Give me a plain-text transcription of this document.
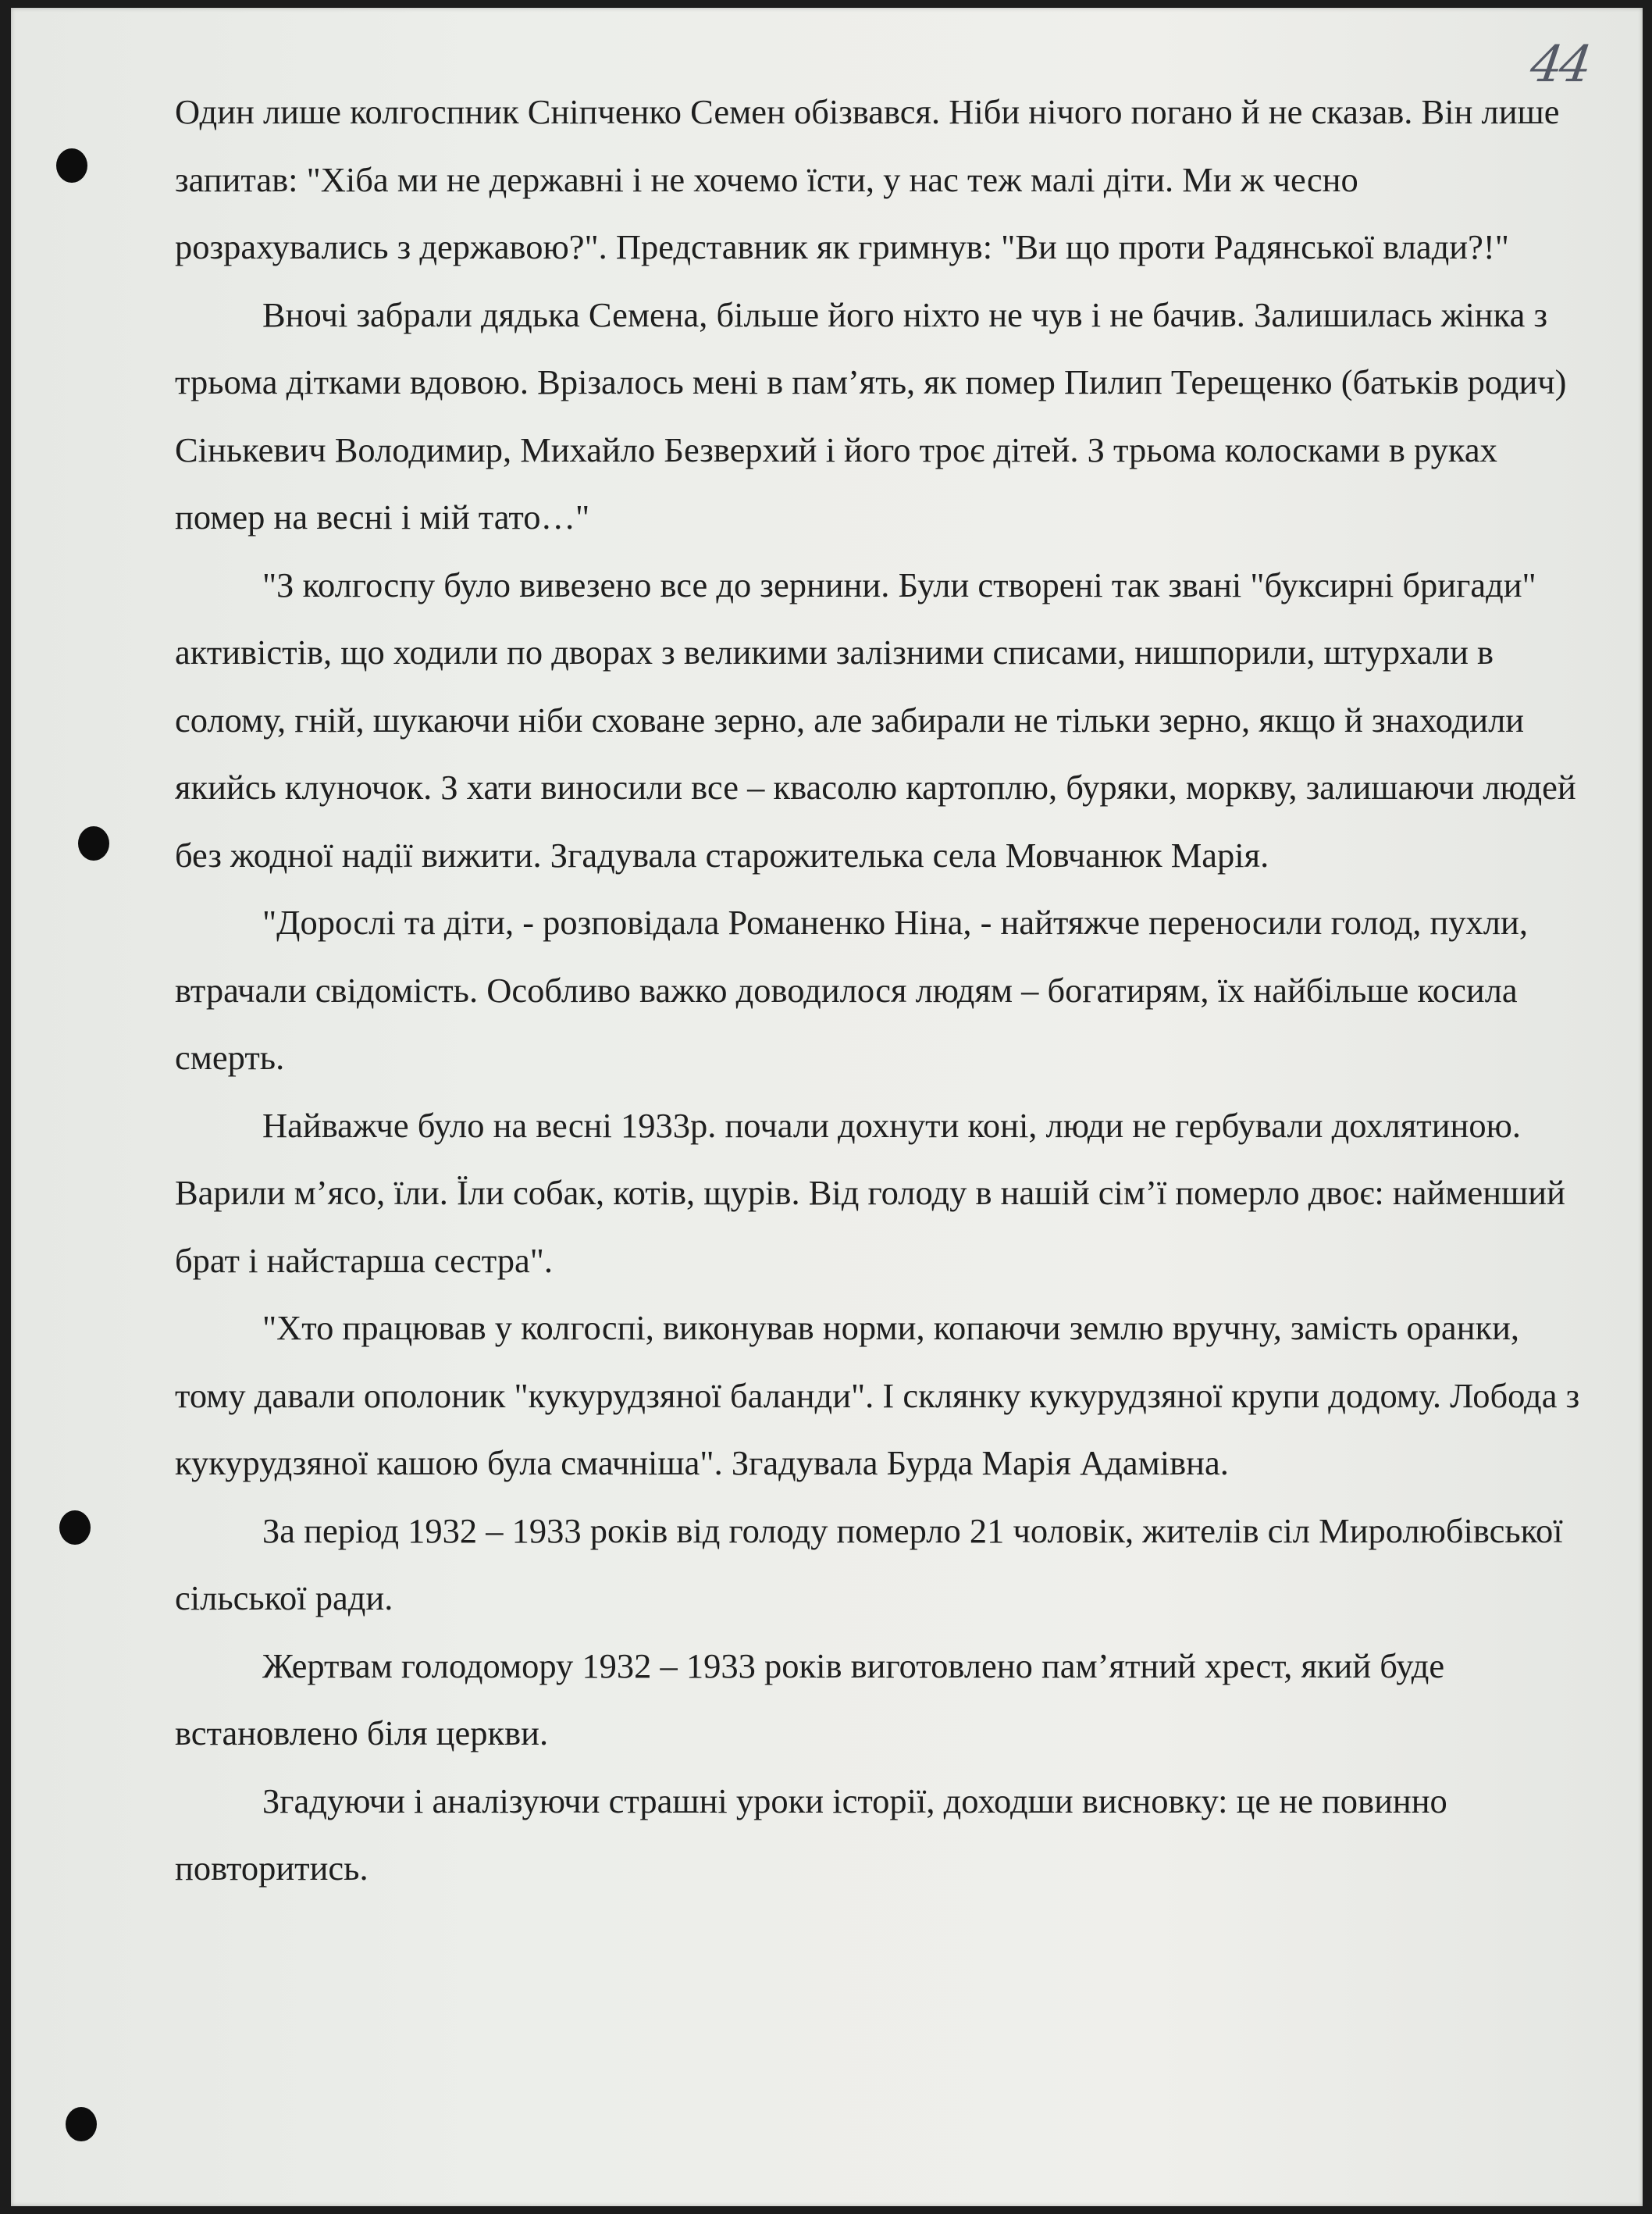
44

Один лише колгоспник Сніпченко Семен обізвався. Ніби нічого погано й не сказав. Він лише запитав: "Хіба ми не державні і не хочемо їсти, у нас теж малі діти. Ми ж чесно розрахувались з державою?". Представник як гримнув: "Ви що проти Радянської влади?!"

Вночі забрали дядька Семена, більше його ніхто не чув і не бачив. Залишилась жінка з трьома дітками вдовою. Врізалось мені в пам’ять, як помер Пилип Терещенко (батьків родич) Сінькевич Володимир, Михайло Безверхий і його троє дітей. З трьома колосками в руках помер на весні і мій тато…"

"З колгоспу було вивезено все до зернини. Були створені так звані "буксирні бригади" активістів, що ходили по дворах з великими залізними списами, нишпорили, штурхали в солому, гній, шукаючи ніби сховане зерно, але забирали не тільки зерно, якщо й знаходили якийсь клуночок. З хати виносили все – квасолю картоплю, буряки, моркву, залишаючи людей без жодної надії вижити. Згадувала старожителька села Мовчанюк Марія.

"Дорослі та діти, - розповідала Романенко Ніна, - найтяжче переносили голод, пухли, втрачали свідомість. Особливо важко доводилося людям – богатирям, їх найбільше косила смерть.

Найважче було на весні 1933р. почали дохнути коні, люди не гербували дохлятиною. Варили м’ясо, їли. Їли собак, котів, щурів. Від голоду в нашій сім’ї померло двоє: найменший брат і найстарша сестра".

"Хто працював у колгоспі, виконував норми, копаючи землю вручну, замість оранки, тому давали ополоник "кукурудзяної баланди". І склянку кукурудзяної крупи додому. Лобода з кукурудзяної кашою була смачніша". Згадувала Бурда Марія Адамівна.

За період 1932 – 1933 років від голоду померло 21 чоловік, жителів сіл Миролюбівської сільської ради.

Жертвам голодомору 1932 – 1933 років виготовлено пам’ятний хрест, який буде встановлено біля церкви.

Згадуючи і аналізуючи страшні уроки історії, доходши висновку: це не повинно повторитись.
